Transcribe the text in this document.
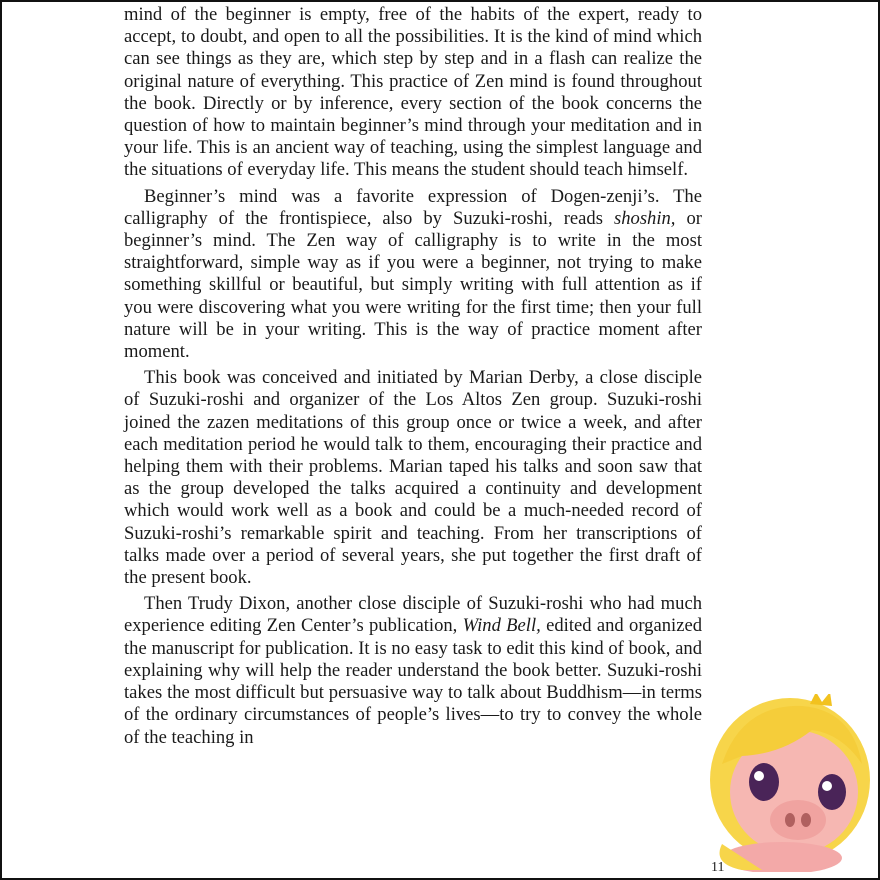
mind of the beginner is empty, free of the habits of the expert, ready to accept, to doubt, and open to all the possibilities. It is the kind of mind which can see things as they are, which step by step and in a flash can realize the original nature of everything. This practice of Zen mind is found throughout the book. Directly or by inference, every section of the book concerns the question of how to maintain beginner’s mind through your meditation and in your life. This is an ancient way of teaching, using the simplest language and the situations of everyday life. This means the student should teach himself.

Beginner’s mind was a favorite expression of Dogen-zenji’s. The calligraphy of the frontispiece, also by Suzuki-roshi, reads shoshin, or beginner’s mind. The Zen way of calligraphy is to write in the most straightforward, simple way as if you were a beginner, not trying to make something skillful or beautiful, but simply writing with full attention as if you were discovering what you were writing for the first time; then your full nature will be in your writing. This is the way of practice moment after moment.

This book was conceived and initiated by Marian Derby, a close disciple of Suzuki-roshi and organizer of the Los Altos Zen group. Suzuki-roshi joined the zazen meditations of this group once or twice a week, and after each meditation period he would talk to them, encouraging their practice and helping them with their problems. Marian taped his talks and soon saw that as the group developed the talks acquired a continuity and development which would work well as a book and could be a much-needed record of Suzuki-roshi’s remarkable spirit and teaching. From her transcriptions of talks made over a period of several years, she put together the first draft of the present book.

Then Trudy Dixon, another close disciple of Suzuki-roshi who had much experience editing Zen Center’s publication, Wind Bell, edited and organized the manuscript for publication. It is no easy task to edit this kind of book, and explaining why will help the reader understand the book better. Suzuki-roshi takes the most difficult but persuasive way to talk about Buddhism—in terms of the ordinary circumstances of people’s lives—to try to convey the whole of the teaching in

11
